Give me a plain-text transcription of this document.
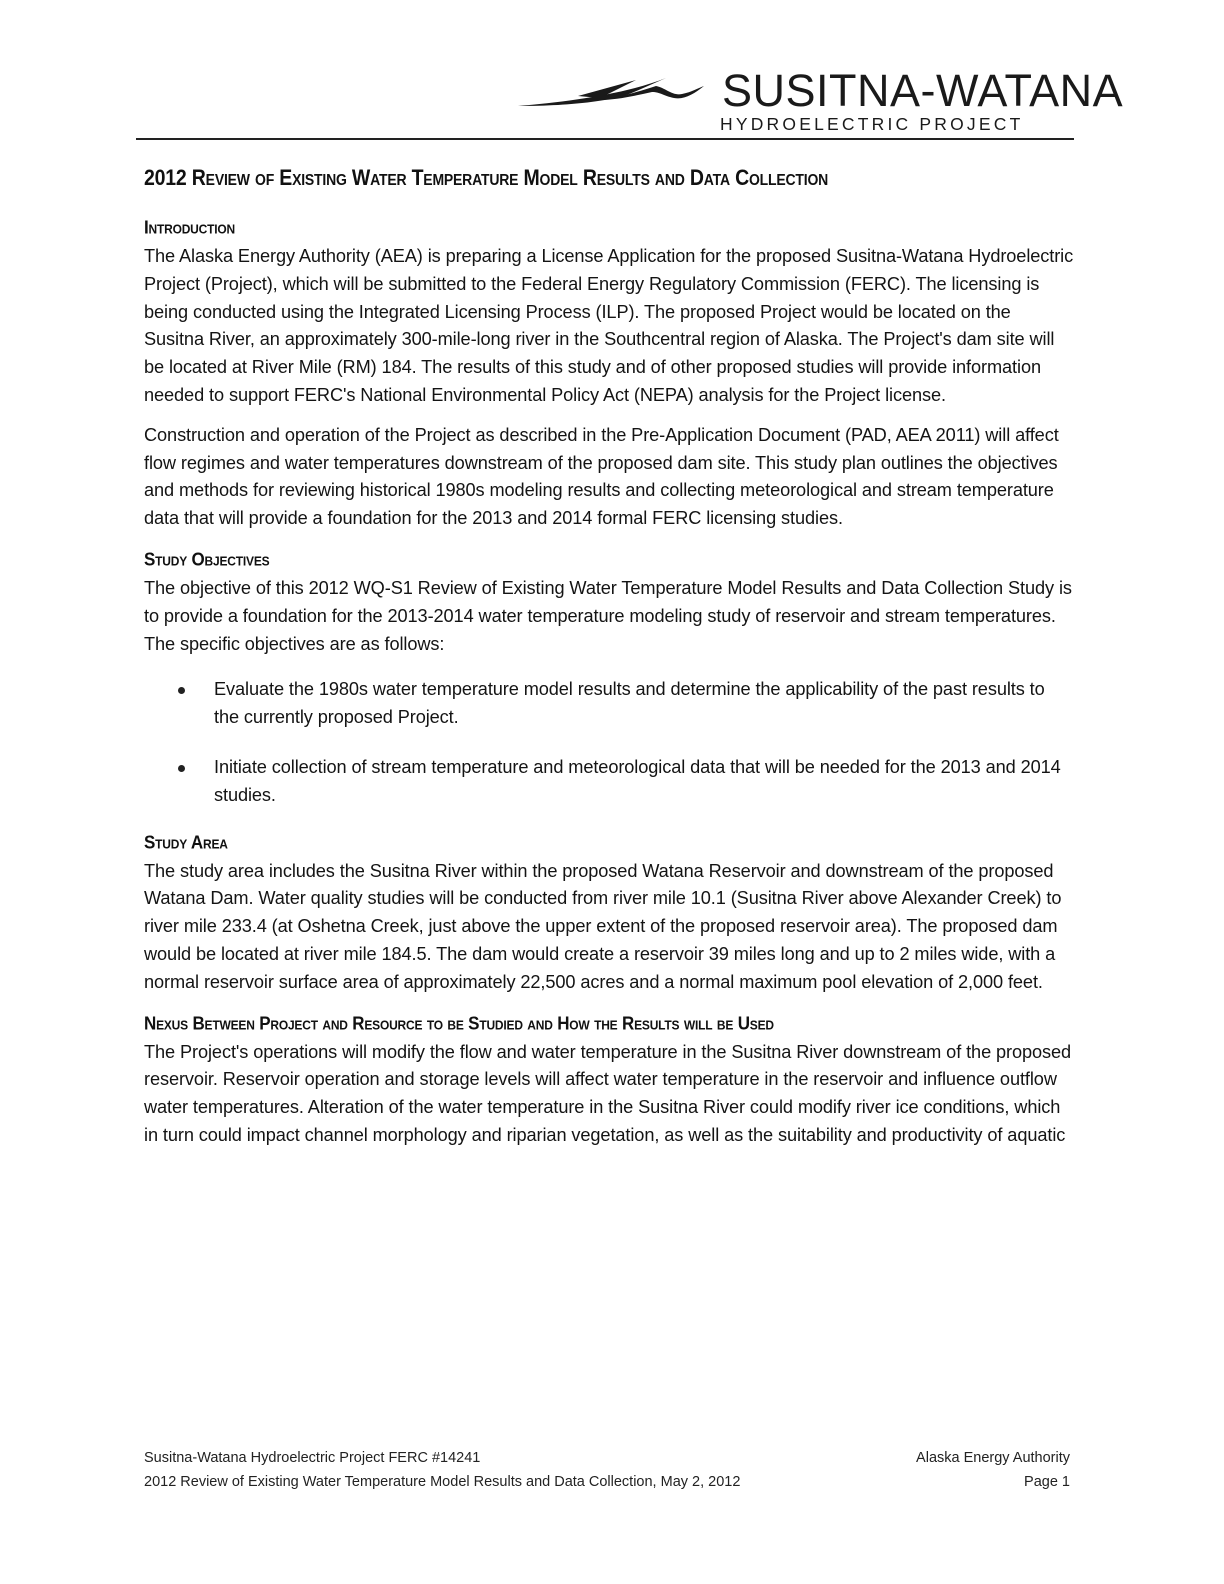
SUSITNA-WATANA
HYDROELECTRIC PROJECT
2012 Review of Existing Water Temperature Model Results and Data Collection
Introduction

The Alaska Energy Authority (AEA) is preparing a License Application for the proposed Susitna-Watana Hydroelectric Project (Project), which will be submitted to the Federal Energy Regulatory Commission (FERC). The licensing is being conducted using the Integrated Licensing Process (ILP). The proposed Project would be located on the Susitna River, an approximately 300-mile-long river in the Southcentral region of Alaska. The Project's dam site will be located at River Mile (RM) 184. The results of this study and of other proposed studies will provide information needed to support FERC's National Environmental Policy Act (NEPA) analysis for the Project license.

Construction and operation of the Project as described in the Pre-Application Document (PAD, AEA 2011) will affect flow regimes and water temperatures downstream of the proposed dam site. This study plan outlines the objectives and methods for reviewing historical 1980s modeling results and collecting meteorological and stream temperature data that will provide a foundation for the 2013 and 2014 formal FERC licensing studies.

Study Objectives

The objective of this 2012 WQ-S1 Review of Existing Water Temperature Model Results and Data Collection Study is to provide a foundation for the 2013-2014 water temperature modeling study of reservoir and stream temperatures. The specific objectives are as follows:

Evaluate the 1980s water temperature model results and determine the applicability of the past results to the currently proposed Project.
Initiate collection of stream temperature and meteorological data that will be needed for the 2013 and 2014 studies.
Study Area

The study area includes the Susitna River within the proposed Watana Reservoir and downstream of the proposed Watana Dam. Water quality studies will be conducted from river mile 10.1 (Susitna River above Alexander Creek) to river mile 233.4 (at Oshetna Creek, just above the upper extent of the proposed reservoir area). The proposed dam would be located at river mile 184.5. The dam would create a reservoir 39 miles long and up to 2 miles wide, with a normal reservoir surface area of approximately 22,500 acres and a normal maximum pool elevation of 2,000 feet.

Nexus Between Project and Resource to be Studied and How the Results will be Used

The Project's operations will modify the flow and water temperature in the Susitna River downstream of the proposed reservoir. Reservoir operation and storage levels will affect water temperature in the reservoir and influence outflow water temperatures. Alteration of the water temperature in the Susitna River could modify river ice conditions, which in turn could impact channel morphology and riparian vegetation, as well as the suitability and productivity of aquatic

Susitna-Watana Hydroelectric Project FERC #14241	Alaska Energy Authority
2012 Review of Existing Water Temperature Model Results and Data Collection, May 2, 2012	Page 1
